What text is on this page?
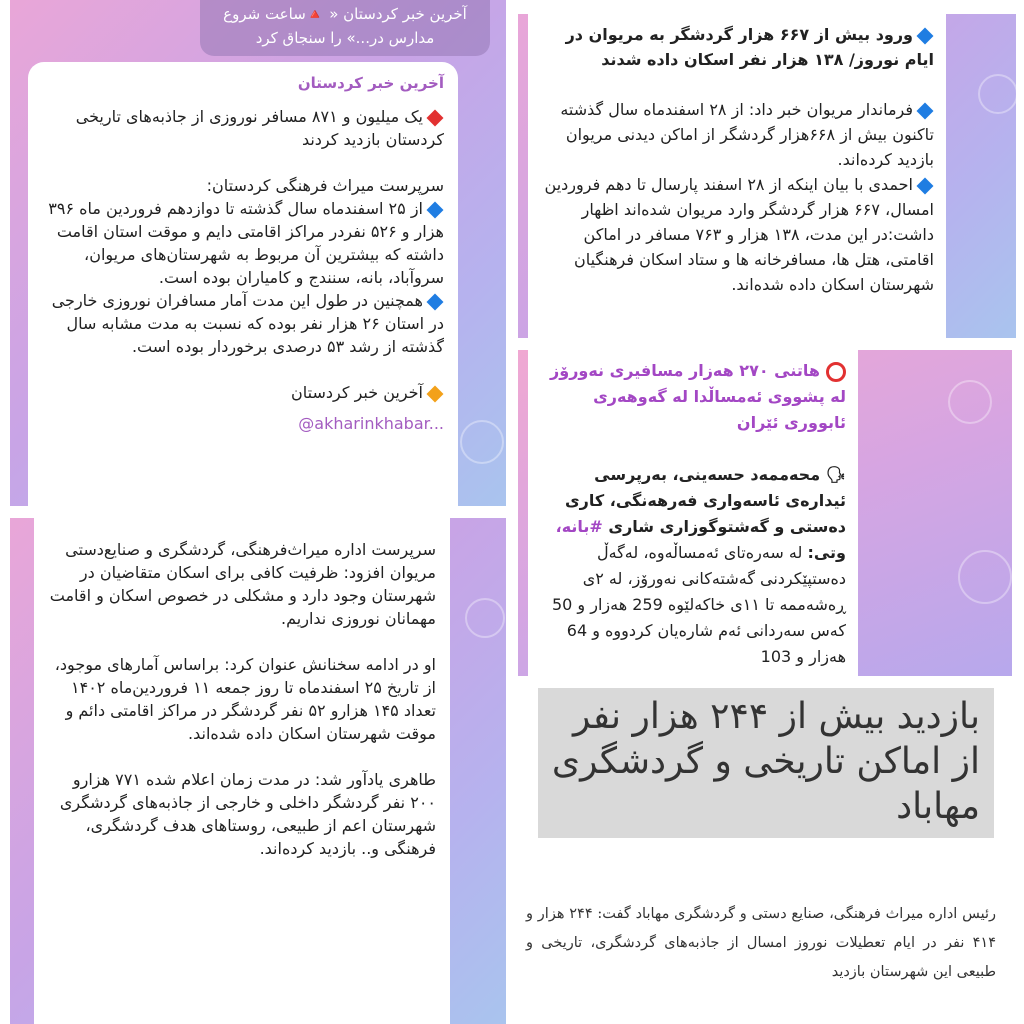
آخرین خبر کردستان « 🔺ساعت شروع مدارس در...» را سنجاق کرد
آخرین خبر کردستان
یک میلیون و ۸۷۱ مسافر نوروزی از جاذبه‌های تاریخی کردستان بازدید کردند
سرپرست میراث فرهنگی کردستان:
از ۲۵ اسفندماه سال گذشته تا دوازدهم فروردین ماه ۳۹۶ هزار و ۵۲۶ نفردر مراکز اقامتی دایم و موقت استان اقامت داشته که بیشترین آن مربوط به شهرستان‌های مریوان، سروآباد، بانه، سنندج و کامیاران بوده است.
همچنین در طول این مدت آمار مسافران نوروزی خارجی در استان ۲۶ هزار نفر بوده که نسبت به مدت مشابه سال گذشته از رشد ۵۳ درصدی برخوردار بوده است.
آخرین خبر کردستان
@akharinkhabar...
ورود بیش از ۶۶۷ هزار گردشگر به مریوان در ایام نوروز/ ۱۳۸ هزار نفر اسکان داده شدند
فرماندار مریوان خبر داد: از ۲۸ اسفندماه سال گذشته تاکنون بیش از ۶۶۸هزار گردشگر از اماکن دیدنی مریوان بازدید کرده‌اند.
احمدی با بیان اینکه از ۲۸ اسفند پارسال تا دهم فروردین امسال، ۶۶۷ هزار گردشگر وارد مریوان شده‌اند اظهار داشت:در این مدت، ۱۳۸ هزار و ۷۶۳ مسافر در اماکن اقامتی، هتل ها، مسافرخانه ها و ستاد اسکان فرهنگیان شهرستان اسکان داده شده‌اند.
هاتنی ۲۷۰ هەزار مسافیری نەورۆز لە پشووی ئەمساڵدا لە گەوهەری ئابووری ئێران
🗣 محەممەد حسەینی، بەرپرسی ئیدارەی ئاسەواری فەرهەنگی، کاری دەستی و گەشتوگوزاری شاری #بانە،
وتی: لە سەرەتای ئەمساڵەوە، لەگەڵ دەستپێکردنی گەشتەکانی نەورۆز، لە ٢ی ڕەشەممە تا ١١ی خاکەلێوە 259 هەزار و 50 کەس سەردانی ئەم شارەیان کردووە و 64 هەزار و 103
سرپرست اداره میراث‌فرهنگی، گردشگری و صنایع‌دستی مریوان افزود: ظرفیت کافی برای اسکان متقاضیان در شهرستان وجود دارد و مشکلی در خصوص اسکان و اقامت مهمانان نوروزی نداریم.
او در ادامه سخنانش عنوان کرد: براساس آمارهای موجود، از تاریخ ۲۵ اسفندماه تا روز جمعه ۱۱ فروردین‌ماه ۱۴۰۲ تعداد ۱۴۵ هزارو ۵۲ نفر گردشگر در مراکز اقامتی دائم و موقت شهرستان اسکان داده شده‌اند.
طاهری یادآور شد: در مدت زمان اعلام شده ۷۷۱ هزارو ۲۰۰ نفر گردشگر داخلی و خارجی از جاذبه‌های گردشگری شهرستان اعم از طبیعی، روستاهای هدف گردشگری، فرهنگی و.. بازدید کرده‌اند.
بازدید بیش از ۲۴۴ هزار نفر از اماکن تاریخی و گردشگری مهاباد
رئیس اداره میراث فرهنگی، صنایع دستی و گردشگری مهاباد گفت: ۲۴۴ هزار و ۴۱۴ نفر در ایام تعطیلات نوروز امسال از جاذبه‌های گردشگری، تاریخی و طبیعی این شهرستان بازدید
